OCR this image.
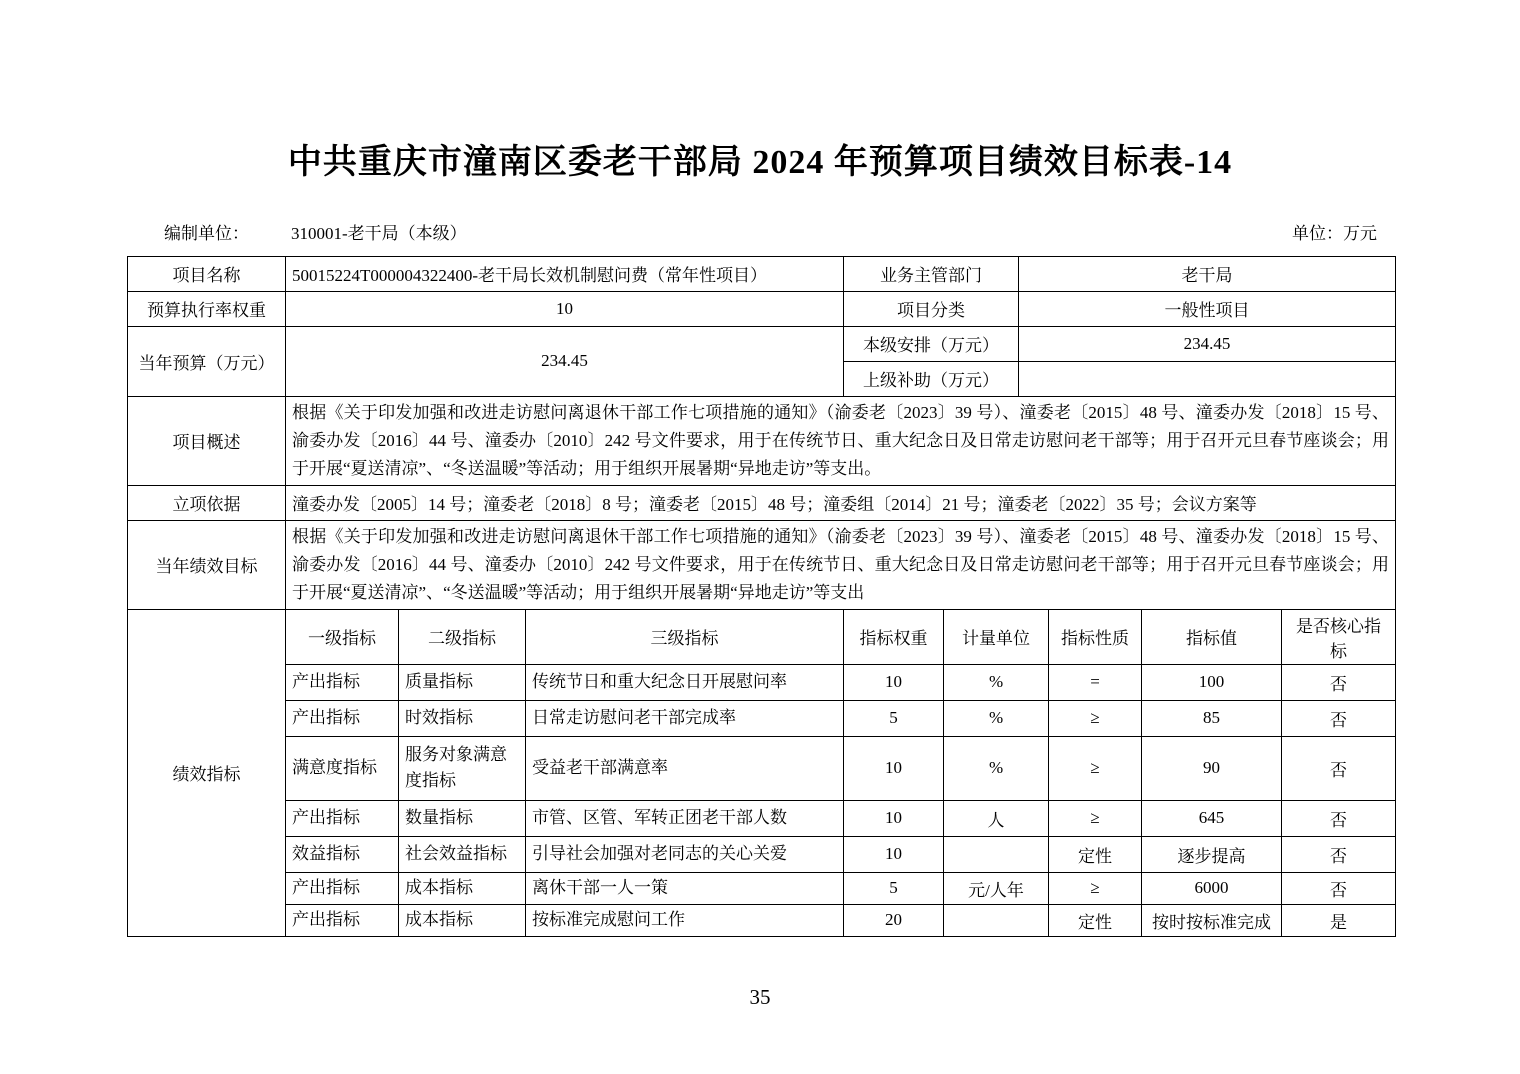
中共重庆市潼南区委老干部局 2024 年预算项目绩效目标表-14
编制单位： 310001-老干局（本级）	单位：万元
项目名称	50015224T000004322400-老干局长效机制慰问费（常年性项目）			业务主管部门		老干局			
预算执行率权重	10			项目分类		一般性项目			
当年预算（万元）	234.45			本级安排（万元）		234.45			
				上级补助（万元）					
项目概述	根据《关于印发加强和改进走访慰问离退休干部工作七项措施的通知》（渝委老〔2023〕39 号）、潼委老〔2015〕48 号、潼委办发〔2018〕15 号、渝委办发〔2016〕44 号、潼委办〔2010〕242 号文件要求，用于在传统节日、重大纪念日及日常走访慰问老干部等；用于召开元旦春节座谈会；用于开展“夏送清凉”、“冬送温暖”等活动；用于组织开展暑期“异地走访”等支出。								
立项依据	潼委办发〔2005〕14 号；潼委老〔2018〕8 号；潼委老〔2015〕48 号；潼委组〔2014〕21 号；潼委老〔2022〕35 号；会议方案等								
当年绩效目标	根据《关于印发加强和改进走访慰问离退休干部工作七项措施的通知》（渝委老〔2023〕39 号）、潼委老〔2015〕48 号、潼委办发〔2018〕15 号、渝委办发〔2016〕44 号、潼委办〔2010〕242 号文件要求，用于在传统节日、重大纪念日及日常走访慰问老干部等；用于召开元旦春节座谈会；用于开展“夏送清凉”、“冬送温暖”等活动；用于组织开展暑期“异地走访”等支出								
绩效指标	一级指标	二级指标	三级指标	指标权重	计量单位		指标性质	指标值	是否核心指标
	产出指标	质量指标	传统节日和重大纪念日开展慰问率	10	%		=	100	否
	产出指标	时效指标	日常走访慰问老干部完成率	5	%		≥	85	否
	满意度指标	服务对象满意度指标	受益老干部满意率	10	%		≥	90	否
	产出指标	数量指标	市管、区管、军转正团老干部人数	10	人		≥	645	否
	效益指标	社会效益指标	引导社会加强对老同志的关心关爱	10			定性	逐步提高	否
	产出指标	成本指标	离休干部一人一策	5	元/人年		≥	6000	否
	产出指标	成本指标	按标准完成慰问工作	20			定性	按时按标准完成	是
35
